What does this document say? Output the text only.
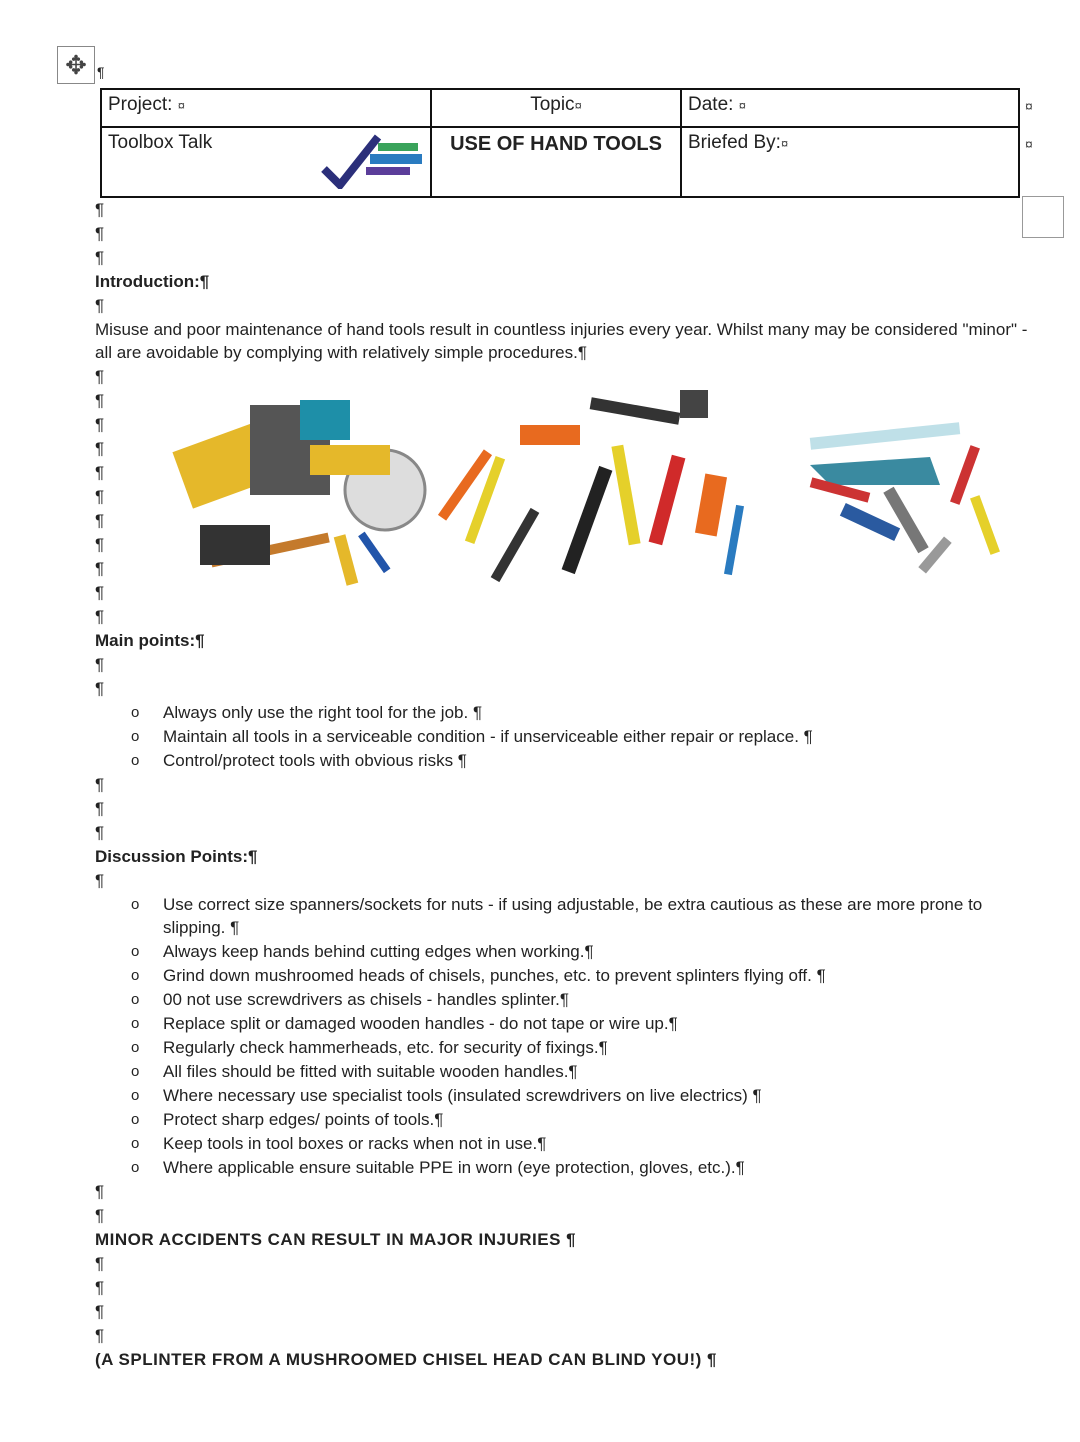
✥ ¶
Project: ¤	Topic¤	Date: ¤
Toolbox Talk	USE OF HAND TOOLS	Briefed By:¤
¤
¤
¶
¶
¶
Introduction:¶
¶
Misuse and poor maintenance of hand tools result in countless injuries every year. Whilst many may be considered "minor" - all are avoidable by complying with relatively simple procedures.¶
¶
¶
¶
¶
¶
¶
¶
¶
¶
¶
¶
Main points:¶
¶
¶
o Always only use the right tool for the job. ¶
o Maintain all tools in a serviceable condition - if unserviceable either repair or replace. ¶
o Control/protect tools with obvious risks ¶
¶
¶
¶
Discussion Points:¶
¶
o Use correct size spanners/sockets for nuts - if using adjustable, be extra cautious as these are more prone to slipping. ¶
o Always keep hands behind cutting edges when working.¶
o Grind down mushroomed heads of chisels, punches, etc. to prevent splinters flying off. ¶
o 00 not use screwdrivers as chisels - handles splinter.¶
o Replace split or damaged wooden handles - do not tape or wire up.¶
o Regularly check hammerheads, etc. for security of fixings.¶
o All files should be fitted with suitable wooden handles.¶
o Where necessary use specialist tools (insulated screwdrivers on live electrics) ¶
o Protect sharp edges/ points of tools.¶
o Keep tools in tool boxes or racks when not in use.¶
o Where applicable ensure suitable PPE in worn (eye protection, gloves, etc.).¶
¶
¶
MINOR ACCIDENTS CAN RESULT IN MAJOR INJURIES ¶
¶
¶
¶
¶
(A SPLINTER FROM A MUSHROOMED CHISEL HEAD CAN BLIND YOU!) ¶
